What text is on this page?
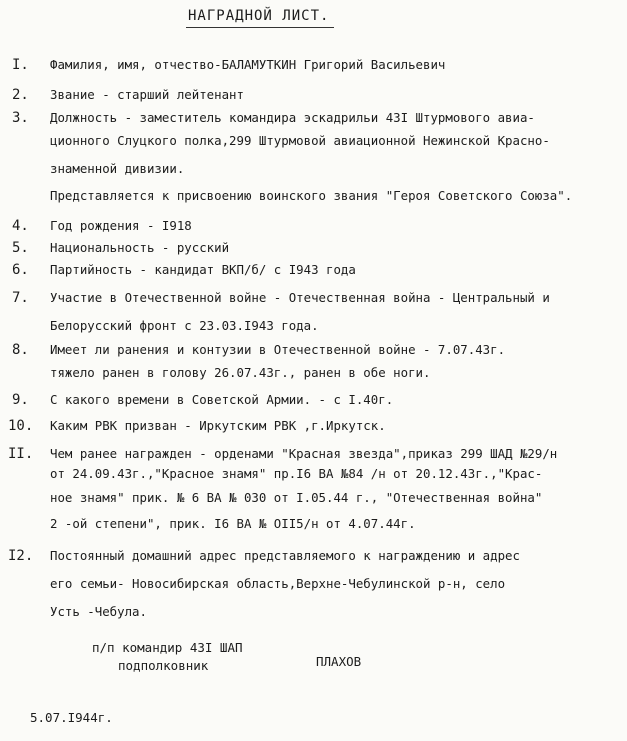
НАГРАДНОЙ ЛИСТ.
I. Фамилия, имя, отчество-БАЛАМУТКИН Григорий Васильевич
2. Звание - старший лейтенант
3. Должность - заместитель командира эскадрильи 43I Штурмового авиа-
ционного Слуцкого полка,299 Штурмовой авиационной Нежинской Красно-
знаменной дивизии.
Представляется к присвоению воинского звания "Героя Советского Союза".
4. Год рождения - I918
5. Национальность - русский
6. Партийность - кандидат ВКП/б/ с I943 года
7. Участие в Отечественной войне - Отечественная война - Центральный и
Белорусский фронт с 23.03.I943 года.
8. Имеет ли ранения и контузии в Отечественной войне - 7.07.43г.
тяжело ранен в голову 26.07.43г., ранен в обе ноги.
9. С какого времени в Советской Армии. - с I.40г.
10. Каким РВК призван - Иркутским РВК ,г.Иркутск.
II. Чем ранее награжден - орденами "Красная звезда",приказ 299 ШАД №29/н
от 24.09.43г.,"Красное знамя" пр.I6 ВА №84 /н от 20.12.43г.,"Крас-
ное знамя" прик. № 6 ВА № 030 от I.05.44 г., "Отечественная война"
2 -ой степени", прик. I6 ВА № OII5/н от 4.07.44г.
I2. Постоянный домашний адрес представляемого к награждению и адрес
его семьи- Новосибирская область,Верхне-Чебулинской р-н, село
Усть -Чебула.
п/п командир 43I ШАП
подполковник	ПЛАХОВ
5.07.I944г.
